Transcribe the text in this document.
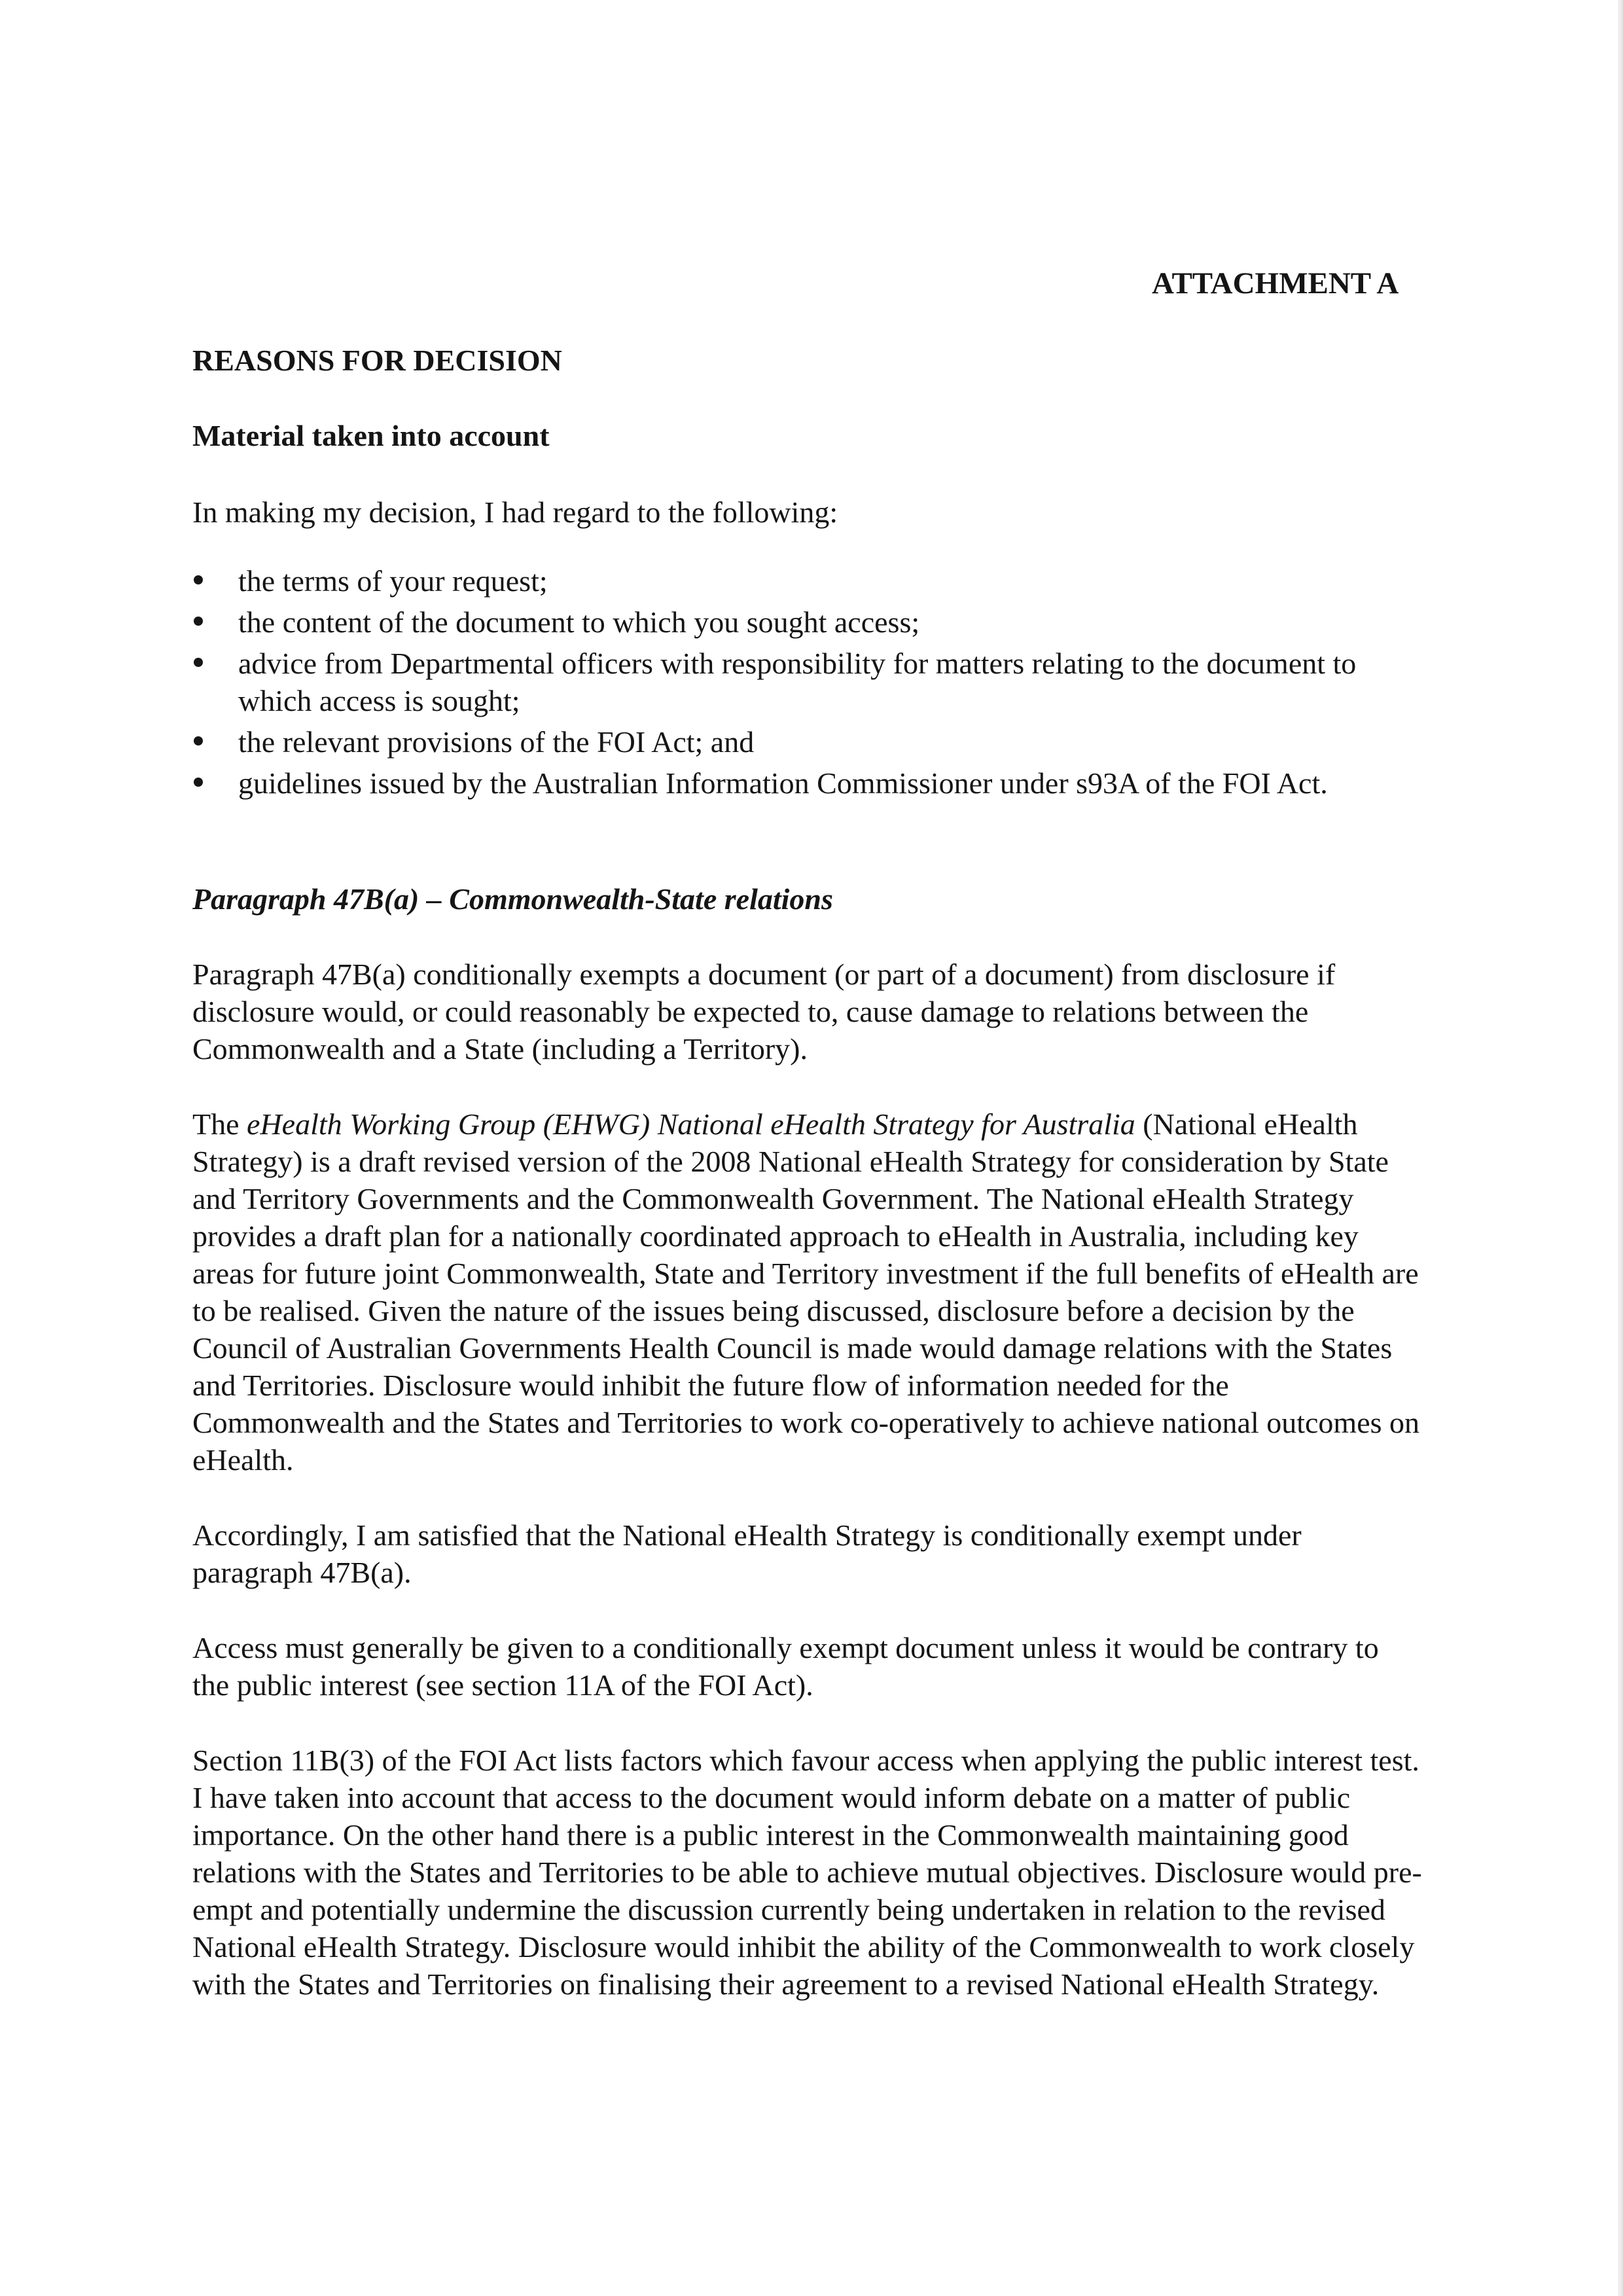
ATTACHMENT A

REASONS FOR DECISION

Material taken into account

In making my decision, I had regard to the following:

the terms of your request;
the content of the document to which you sought access;
advice from Departmental officers with responsibility for matters relating to the document to which access is sought;
the relevant provisions of the FOI Act; and
guidelines issued by the Australian Information Commissioner under s93A of the FOI Act.

Paragraph 47B(a) – Commonwealth-State relations

Paragraph 47B(a) conditionally exempts a document (or part of a document) from disclosure if disclosure would, or could reasonably be expected to, cause damage to relations between the Commonwealth and a State (including a Territory).

The eHealth Working Group (EHWG) National eHealth Strategy for Australia (National eHealth Strategy) is a draft revised version of the 2008 National eHealth Strategy for consideration by State and Territory Governments and the Commonwealth Government. The National eHealth Strategy provides a draft plan for a nationally coordinated approach to eHealth in Australia, including key areas for future joint Commonwealth, State and Territory investment if the full benefits of eHealth are to be realised. Given the nature of the issues being discussed, disclosure before a decision by the Council of Australian Governments Health Council is made would damage relations with the States and Territories. Disclosure would inhibit the future flow of information needed for the Commonwealth and the States and Territories to work co-operatively to achieve national outcomes on eHealth.

Accordingly, I am satisfied that the National eHealth Strategy is conditionally exempt under paragraph 47B(a).

Access must generally be given to a conditionally exempt document unless it would be contrary to the public interest (see section 11A of the FOI Act).

Section 11B(3) of the FOI Act lists factors which favour access when applying the public interest test. I have taken into account that access to the document would inform debate on a matter of public importance. On the other hand there is a public interest in the Commonwealth maintaining good relations with the States and Territories to be able to achieve mutual objectives. Disclosure would pre-empt and potentially undermine the discussion currently being undertaken in relation to the revised National eHealth Strategy. Disclosure would inhibit the ability of the Commonwealth to work closely with the States and Territories on finalising their agreement to a revised National eHealth Strategy.
